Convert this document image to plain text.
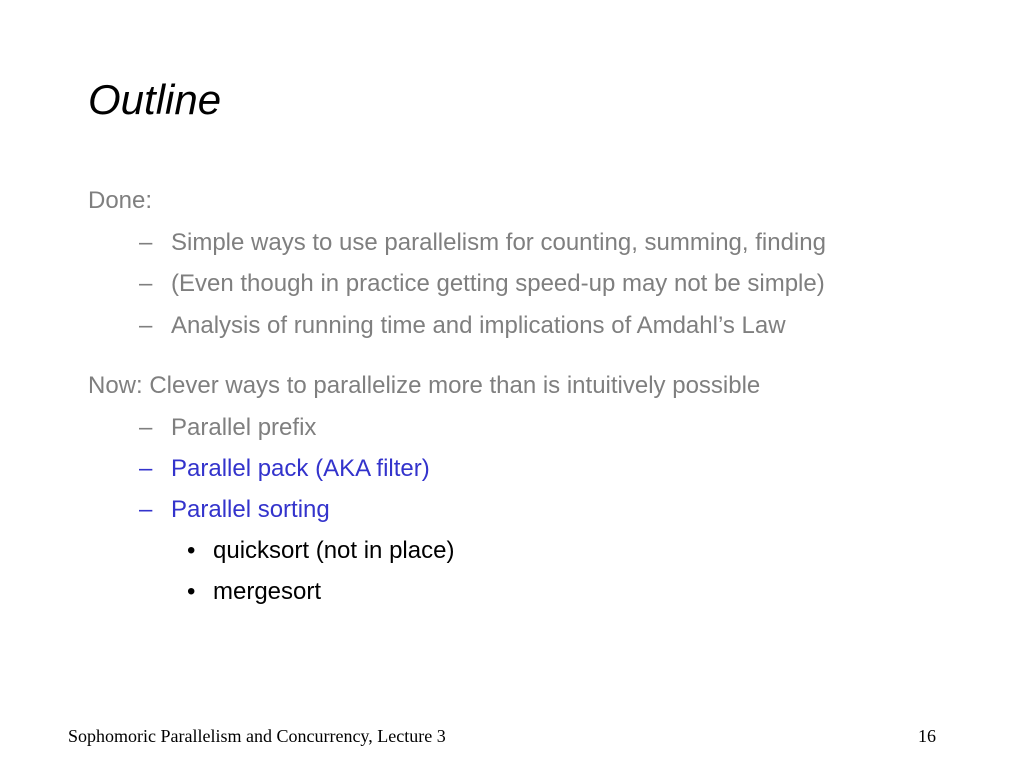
Outline
Done:
– Simple ways to use parallelism for counting, summing, finding
– (Even though in practice getting speed-up may not be simple)
– Analysis of running time and implications of Amdahl’s Law
Now: Clever ways to parallelize more than is intuitively possible
– Parallel prefix
– Parallel pack (AKA filter)
– Parallel sorting
• quicksort (not in place)
• mergesort
Sophomoric Parallelism and Concurrency, Lecture 3	16
